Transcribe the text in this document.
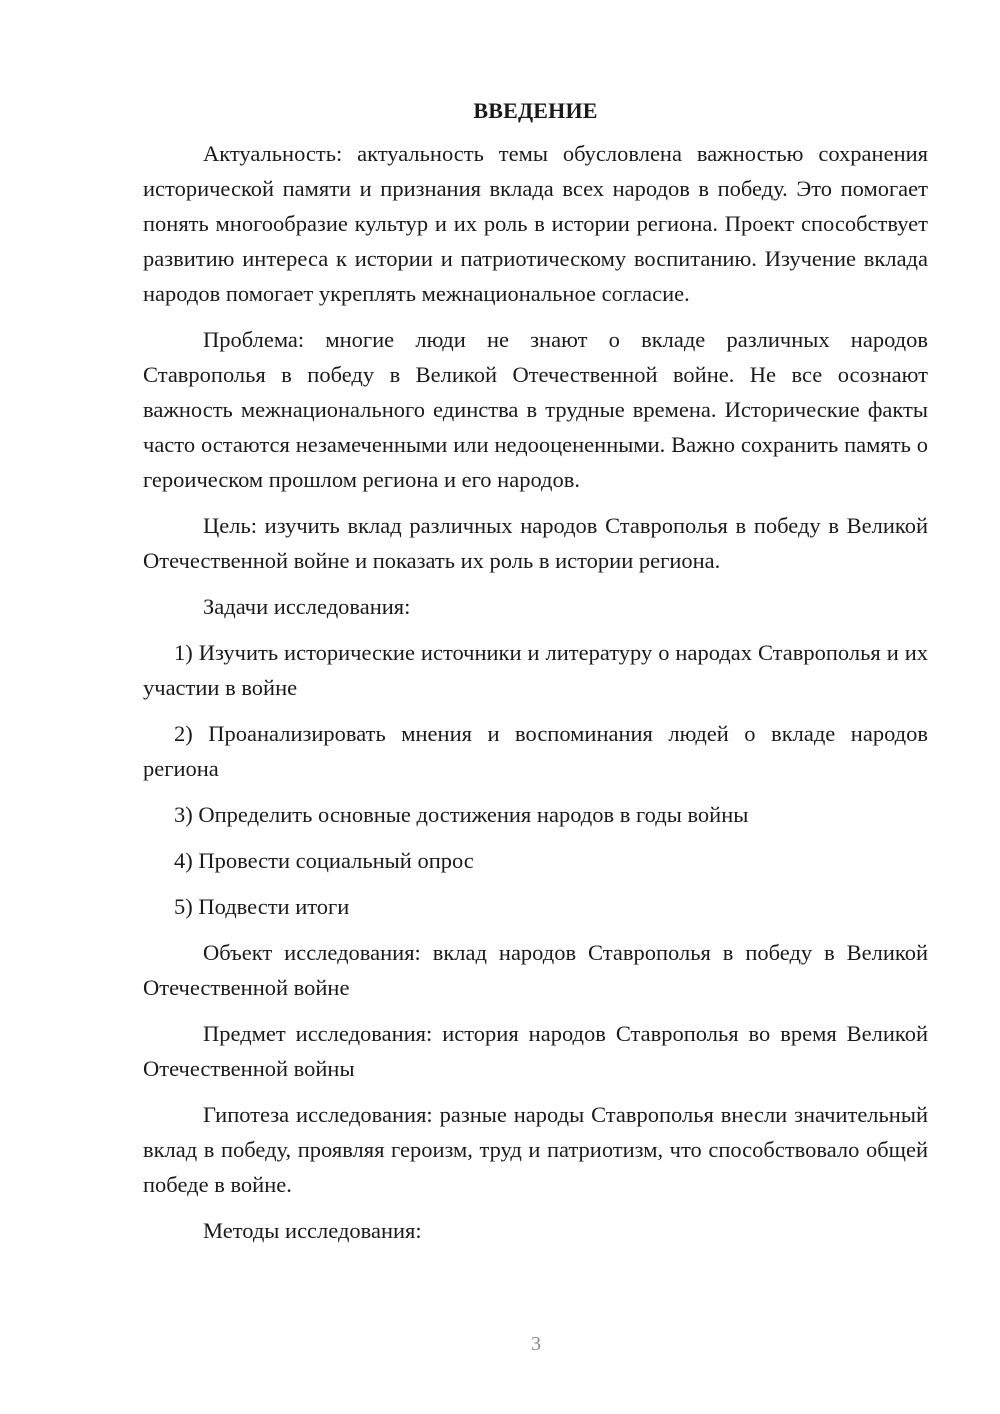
ВВЕДЕНИЕ

Актуальность: актуальность темы обусловлена важностью сохранения исторической памяти и признания вклада всех народов в победу. Это помогает понять многообразие культур и их роль в истории региона. Проект способствует развитию интереса к истории и патриотическому воспитанию. Изучение вклада народов помогает укреплять межнациональное согласие.

Проблема: многие люди не знают о вкладе различных народов Ставрополья в победу в Великой Отечественной войне. Не все осознают важность межнационального единства в трудные времена. Исторические факты часто остаются незамеченными или недооцененными. Важно сохранить память о героическом прошлом региона и его народов.

Цель: изучить вклад различных народов Ставрополья в победу в Великой Отечественной войне и показать их роль в истории региона.

Задачи исследования:

1) Изучить исторические источники и литературу о народах Ставрополья и их участии в войне

2) Проанализировать мнения и воспоминания людей о вкладе народов региона

3) Определить основные достижения народов в годы войны

4) Провести социальный опрос

5) Подвести итоги

Объект исследования: вклад народов Ставрополья в победу в Великой Отечественной войне

Предмет исследования: история народов Ставрополья во время Великой Отечественной войны

Гипотеза исследования: разные народы Ставрополья внесли значительный вклад в победу, проявляя героизм, труд и патриотизм, что способствовало общей победе в войне.

Методы исследования:

3
